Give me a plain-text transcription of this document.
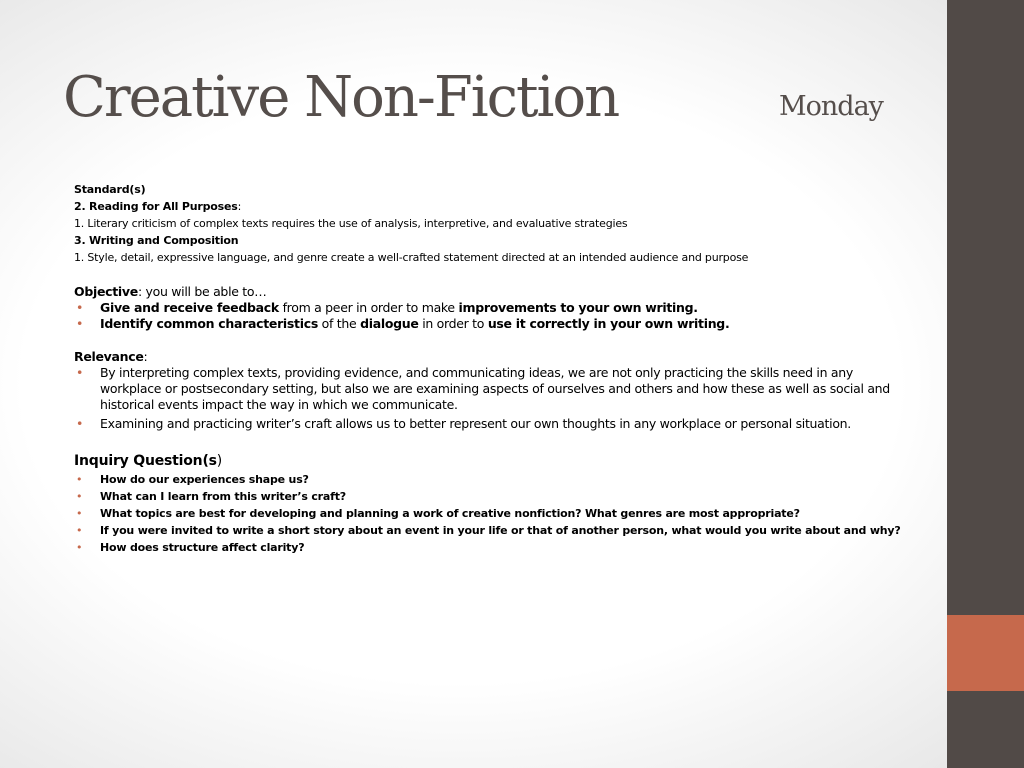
Creative Non-Fiction	Monday

Standard(s)

2. Reading for All Purposes:

1. Literary criticism of complex texts requires the use of analysis, interpretive, and evaluative strategies

3. Writing and Composition

1. Style, detail, expressive language, and genre create a well-crafted statement directed at an intended audience and purpose

Objective: you will be able to…

• Give and receive feedback from a peer in order to make improvements to your own writing.
• Identify common characteristics of the dialogue in order to use it correctly in your own writing.

Relevance:

• By interpreting complex texts, providing evidence, and communicating ideas, we are not only practicing the skills need in any workplace or postsecondary setting, but also we are examining aspects of ourselves and others and how these as well as social and historical events impact the way in which we communicate.
• Examining and practicing writer’s craft allows us to better represent our own thoughts in any workplace or personal situation.

Inquiry Question(s)

• How do our experiences shape us?
• What can I learn from this writer’s craft?
• What topics are best for developing and planning a work of creative nonfiction? What genres are most appropriate?
• If you were invited to write a short story about an event in your life or that of another person, what would you write about and why?
• How does structure affect clarity?
